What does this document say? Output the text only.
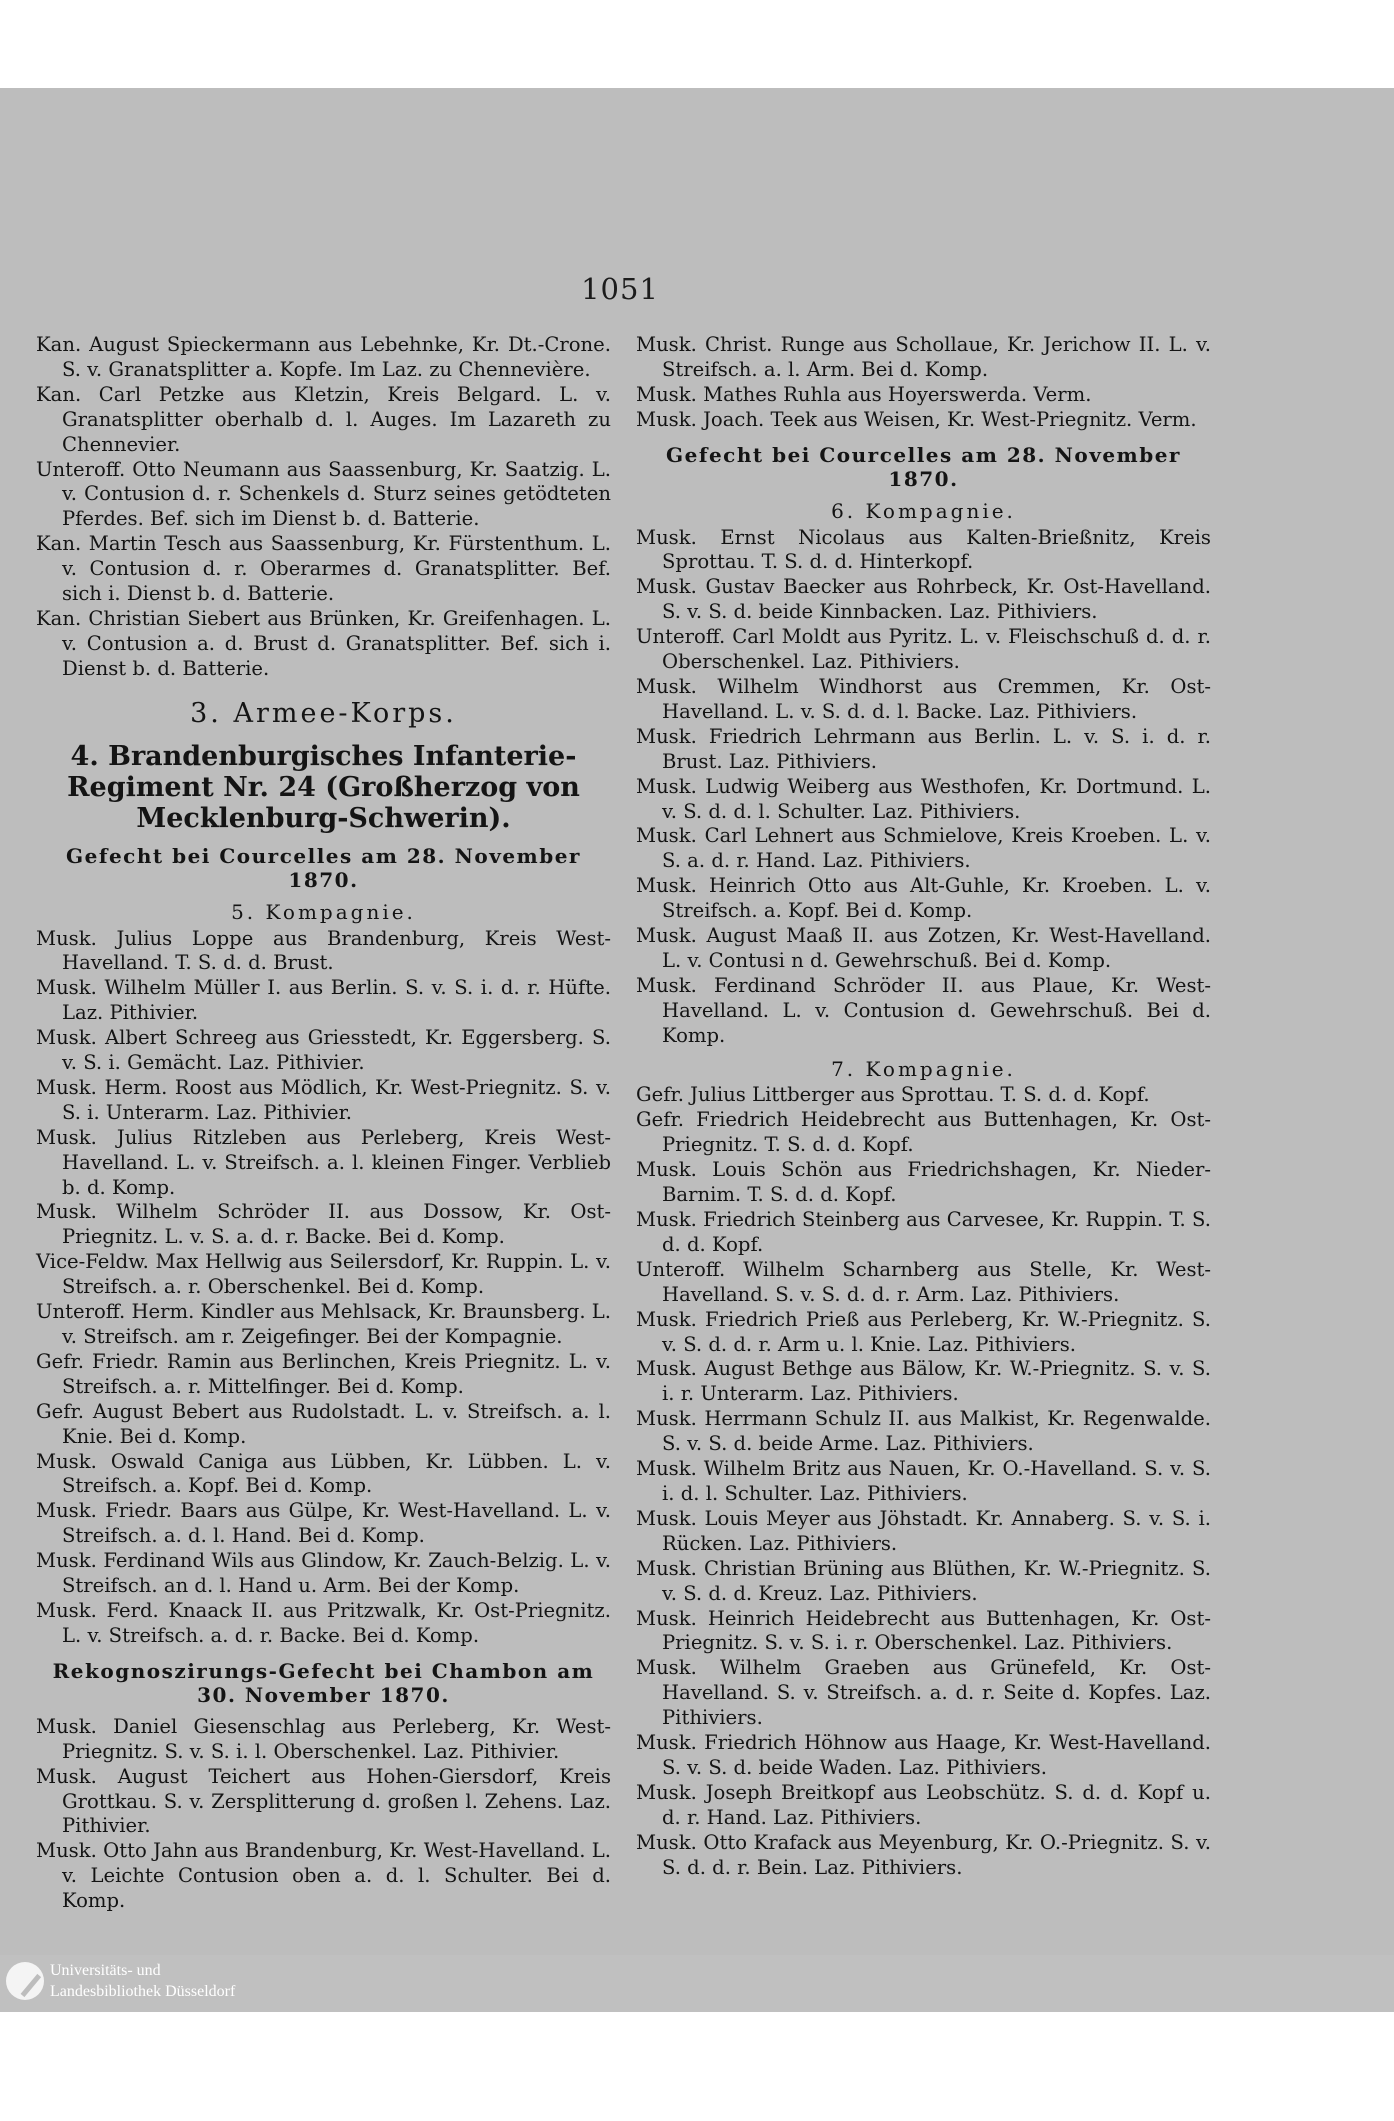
1051

Kan. August Spieckermann aus Lebehnke, Kr. Dt.-Crone. S. v. Granatsplitter a. Kopfe. Im Laz. zu Chennevière.

Kan. Carl Petzke aus Kletzin, Kreis Belgard. L. v. Granatsplitter oberhalb d. l. Auges. Im Lazareth zu Chennevier.

Unteroff. Otto Neumann aus Saassenburg, Kr. Saatzig. L. v. Contusion d. r. Schenkels d. Sturz seines getödteten Pferdes. Bef. sich im Dienst b. d. Batterie.

Kan. Martin Tesch aus Saassenburg, Kr. Fürstenthum. L. v. Contusion d. r. Oberarmes d. Granatsplitter. Bef. sich i. Dienst b. d. Batterie.

Kan. Christian Siebert aus Brünken, Kr. Greifenhagen. L. v. Contusion a. d. Brust d. Granatsplitter. Bef. sich i. Dienst b. d. Batterie.

3. Armee-Korps.
4. Brandenburgisches Infanterie-Regiment Nr. 24 (Großherzog von Mecklenburg-Schwerin).
Gefecht bei Courcelles am 28. November 1870.
5. Kompagnie.

Musk. Julius Loppe aus Brandenburg, Kreis West-Havelland. T. S. d. d. Brust.

Musk. Wilhelm Müller I. aus Berlin. S. v. S. i. d. r. Hüfte. Laz. Pithivier.

Musk. Albert Schreeg aus Griesstedt, Kr. Eggersberg. S. v. S. i. Gemächt. Laz. Pithivier.

Musk. Herm. Roost aus Mödlich, Kr. West-Priegnitz. S. v. S. i. Unterarm. Laz. Pithivier.

Musk. Julius Ritzleben aus Perleberg, Kreis West-Havelland. L. v. Streifsch. a. l. kleinen Finger. Verblieb b. d. Komp.

Musk. Wilhelm Schröder II. aus Dossow, Kr. Ost-Priegnitz. L. v. S. a. d. r. Backe. Bei d. Komp.

Vice-Feldw. Max Hellwig aus Seilersdorf, Kr. Ruppin. L. v. Streifsch. a. r. Oberschenkel. Bei d. Komp.

Unteroff. Herm. Kindler aus Mehlsack, Kr. Braunsberg. L. v. Streifsch. am r. Zeigefinger. Bei der Kompagnie.

Gefr. Friedr. Ramin aus Berlinchen, Kreis Priegnitz. L. v. Streifsch. a. r. Mittelfinger. Bei d. Komp.

Gefr. August Bebert aus Rudolstadt. L. v. Streifsch. a. l. Knie. Bei d. Komp.

Musk. Oswald Caniga aus Lübben, Kr. Lübben. L. v. Streifsch. a. Kopf. Bei d. Komp.

Musk. Friedr. Baars aus Gülpe, Kr. West-Havelland. L. v. Streifsch. a. d. l. Hand. Bei d. Komp.

Musk. Ferdinand Wils aus Glindow, Kr. Zauch-Belzig. L. v. Streifsch. an d. l. Hand u. Arm. Bei der Komp.

Musk. Ferd. Knaack II. aus Pritzwalk, Kr. Ost-Priegnitz. L. v. Streifsch. a. d. r. Backe. Bei d. Komp.

Rekognoszirungs-Gefecht bei Chambon am 30. November 1870.

Musk. Daniel Giesenschlag aus Perleberg, Kr. West-Priegnitz. S. v. S. i. l. Oberschenkel. Laz. Pithivier.

Musk. August Teichert aus Hohen-Giersdorf, Kreis Grottkau. S. v. Zersplitterung d. großen l. Zehens. Laz. Pithivier.

Musk. Otto Jahn aus Brandenburg, Kr. West-Havelland. L. v. Leichte Contusion oben a. d. l. Schulter. Bei d. Komp.

Musk. Christ. Runge aus Schollaue, Kr. Jerichow II. L. v. Streifsch. a. l. Arm. Bei d. Komp.

Musk. Mathes Ruhla aus Hoyerswerda. Verm.

Musk. Joach. Teek aus Weisen, Kr. West-Priegnitz. Verm.

Gefecht bei Courcelles am 28. November 1870.
6. Kompagnie.

Musk. Ernst Nicolaus aus Kalten-Brießnitz, Kreis Sprottau. T. S. d. d. Hinterkopf.

Musk. Gustav Baecker aus Rohrbeck, Kr. Ost-Havelland. S. v. S. d. beide Kinnbacken. Laz. Pithiviers.

Unteroff. Carl Moldt aus Pyritz. L. v. Fleischschuß d. d. r. Oberschenkel. Laz. Pithiviers.

Musk. Wilhelm Windhorst aus Cremmen, Kr. Ost-Havelland. L. v. S. d. d. l. Backe. Laz. Pithiviers.

Musk. Friedrich Lehrmann aus Berlin. L. v. S. i. d. r. Brust. Laz. Pithiviers.

Musk. Ludwig Weiberg aus Westhofen, Kr. Dortmund. L. v. S. d. d. l. Schulter. Laz. Pithiviers.

Musk. Carl Lehnert aus Schmielove, Kreis Kroeben. L. v. S. a. d. r. Hand. Laz. Pithiviers.

Musk. Heinrich Otto aus Alt-Guhle, Kr. Kroeben. L. v. Streifsch. a. Kopf. Bei d. Komp.

Musk. August Maaß II. aus Zotzen, Kr. West-Havelland. L. v. Contusi n d. Gewehrschuß. Bei d. Komp.

Musk. Ferdinand Schröder II. aus Plaue, Kr. West-Havelland. L. v. Contusion d. Gewehrschuß. Bei d. Komp.

7. Kompagnie.

Gefr. Julius Littberger aus Sprottau. T. S. d. d. Kopf.

Gefr. Friedrich Heidebrecht aus Buttenhagen, Kr. Ost-Priegnitz. T. S. d. d. Kopf.

Musk. Louis Schön aus Friedrichshagen, Kr. Nieder-Barnim. T. S. d. d. Kopf.

Musk. Friedrich Steinberg aus Carvesee, Kr. Ruppin. T. S. d. d. Kopf.

Unteroff. Wilhelm Scharnberg aus Stelle, Kr. West-Havelland. S. v. S. d. d. r. Arm. Laz. Pithiviers.

Musk. Friedrich Prieß aus Perleberg, Kr. W.-Priegnitz. S. v. S. d. d. r. Arm u. l. Knie. Laz. Pithiviers.

Musk. August Bethge aus Bälow, Kr. W.-Priegnitz. S. v. S. i. r. Unterarm. Laz. Pithiviers.

Musk. Herrmann Schulz II. aus Malkist, Kr. Regenwalde. S. v. S. d. beide Arme. Laz. Pithiviers.

Musk. Wilhelm Britz aus Nauen, Kr. O.-Havelland. S. v. S. i. d. l. Schulter. Laz. Pithiviers.

Musk. Louis Meyer aus Jöhstadt. Kr. Annaberg. S. v. S. i. Rücken. Laz. Pithiviers.

Musk. Christian Brüning aus Blüthen, Kr. W.-Priegnitz. S. v. S. d. d. Kreuz. Laz. Pithiviers.

Musk. Heinrich Heidebrecht aus Buttenhagen, Kr. Ost-Priegnitz. S. v. S. i. r. Oberschenkel. Laz. Pithiviers.

Musk. Wilhelm Graeben aus Grünefeld, Kr. Ost-Havelland. S. v. Streifsch. a. d. r. Seite d. Kopfes. Laz. Pithiviers.

Musk. Friedrich Höhnow aus Haage, Kr. West-Havelland. S. v. S. d. beide Waden. Laz. Pithiviers.

Musk. Joseph Breitkopf aus Leobschütz. S. d. d. Kopf u. d. r. Hand. Laz. Pithiviers.

Musk. Otto Krafack aus Meyenburg, Kr. O.-Priegnitz. S. v. S. d. d. r. Bein. Laz. Pithiviers.

Universitäts- und
Landesbibliothek Düsseldorf
